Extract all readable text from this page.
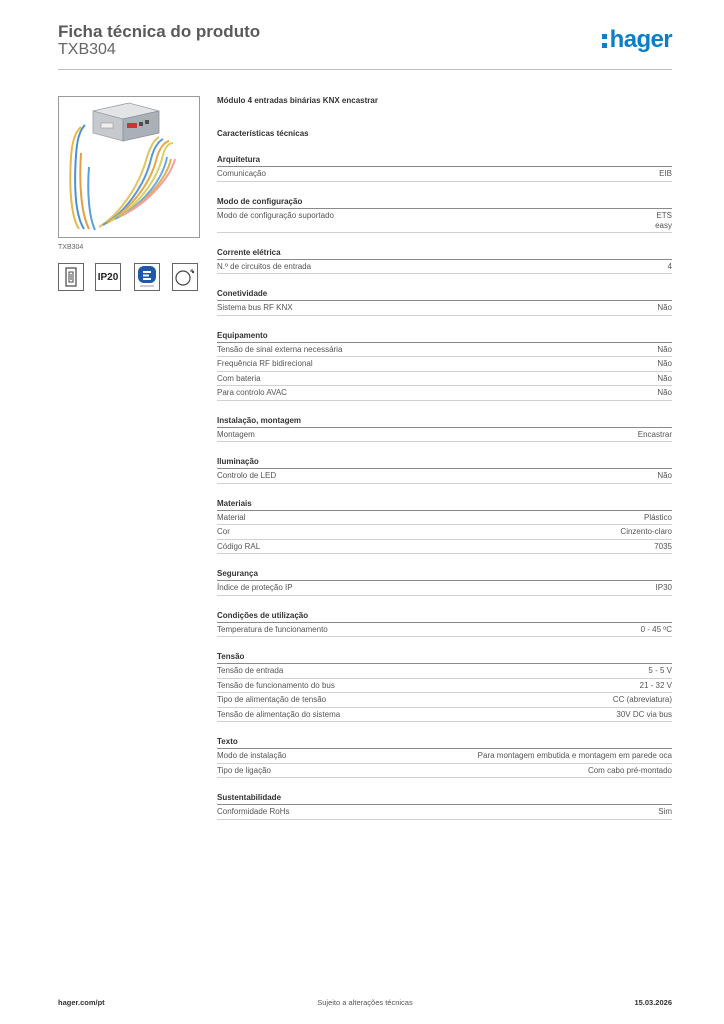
Ficha técnica do produto
TXB304	hager
TXB304
IP20
Módulo 4 entradas binárias KNX encastrar
Características técnicas
Arquitetura
Comunicação	EIB
Modo de configuração
Modo de configuração suportado	ETS
easy
Corrente elétrica
N.º de circuitos de entrada	4
Conetividade
Sistema bus RF KNX	Não
Equipamento
Tensão de sinal externa necessária	Não
Frequência RF bidirecional	Não
Com bateria	Não
Para controlo AVAC	Não
Instalação, montagem
Montagem	Encastrar
Iluminação
Controlo de LED	Não
Materiais
Material	Plástico
Cor	Cinzento-claro
Código RAL	7035
Segurança
Índice de proteção IP	IP30
Condições de utilização
Temperatura de funcionamento	0 - 45 ºC
Tensão
Tensão de entrada	5 - 5 V
Tensão de funcionamento do bus	21 - 32 V
Tipo de alimentação de tensão	CC (abreviatura)
Tensão de alimentação do sistema	30V DC via bus
Texto
Modo de instalação	Para montagem embutida e montagem em parede oca
Tipo de ligação	Com cabo pré-montado
Sustentabilidade
Conformidade RoHs	Sim
hager.com/pt	Sujeito a alterações técnicas	15.03.2026
